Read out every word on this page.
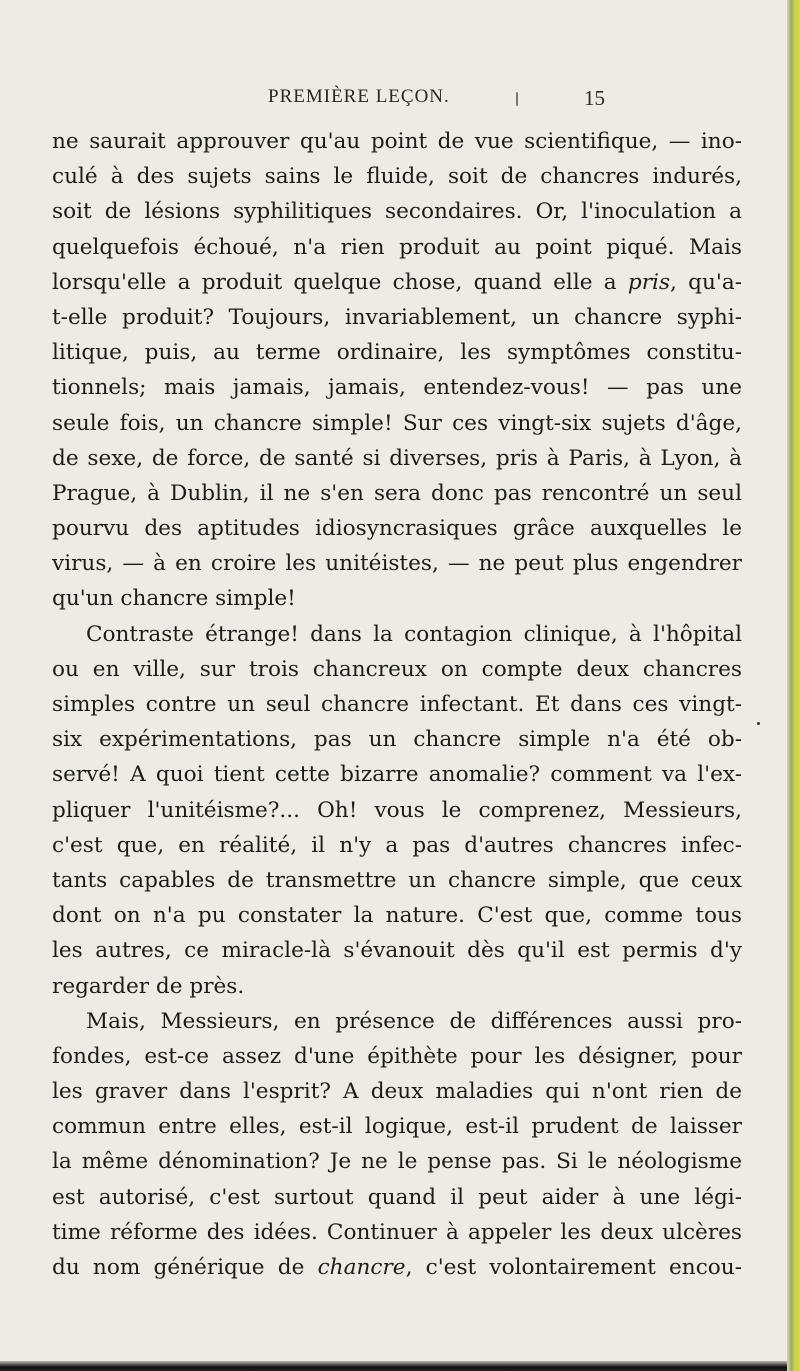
PREMIÈRE LEÇON.	15
ne saurait approuver qu'au point de vue scientifique, — ino-
culé à des sujets sains le fluide, soit de chancres indurés,
soit de lésions syphilitiques secondaires. Or, l'inoculation a
quelquefois échoué, n'a rien produit au point piqué. Mais
lorsqu'elle a produit quelque chose, quand elle a pris, qu'a-
t-elle produit? Toujours, invariablement, un chancre syphi-
litique, puis, au terme ordinaire, les symptômes constitu-
tionnels; mais jamais, jamais, entendez-vous! — pas une
seule fois, un chancre simple! Sur ces vingt-six sujets d'âge,
de sexe, de force, de santé si diverses, pris à Paris, à Lyon, à
Prague, à Dublin, il ne s'en sera donc pas rencontré un seul
pourvu des aptitudes idiosyncrasiques grâce auxquelles le
virus, — à en croire les unitéistes, — ne peut plus engendrer
qu'un chancre simple!
Contraste étrange! dans la contagion clinique, à l'hôpital
ou en ville, sur trois chancreux on compte deux chancres
simples contre un seul chancre infectant. Et dans ces vingt-
six expérimentations, pas un chancre simple n'a été ob-
servé! A quoi tient cette bizarre anomalie? comment va l'ex-
pliquer l'unitéisme?... Oh! vous le comprenez, Messieurs,
c'est que, en réalité, il n'y a pas d'autres chancres infec-
tants capables de transmettre un chancre simple, que ceux
dont on n'a pu constater la nature. C'est que, comme tous
les autres, ce miracle-là s'évanouit dès qu'il est permis d'y
regarder de près.
Mais, Messieurs, en présence de différences aussi pro-
fondes, est-ce assez d'une épithète pour les désigner, pour
les graver dans l'esprit? A deux maladies qui n'ont rien de
commun entre elles, est-il logique, est-il prudent de laisser
la même dénomination? Je ne le pense pas. Si le néologisme
est autorisé, c'est surtout quand il peut aider à une légi-
time réforme des idées. Continuer à appeler les deux ulcères
du nom générique de chancre, c'est volontairement encou-
